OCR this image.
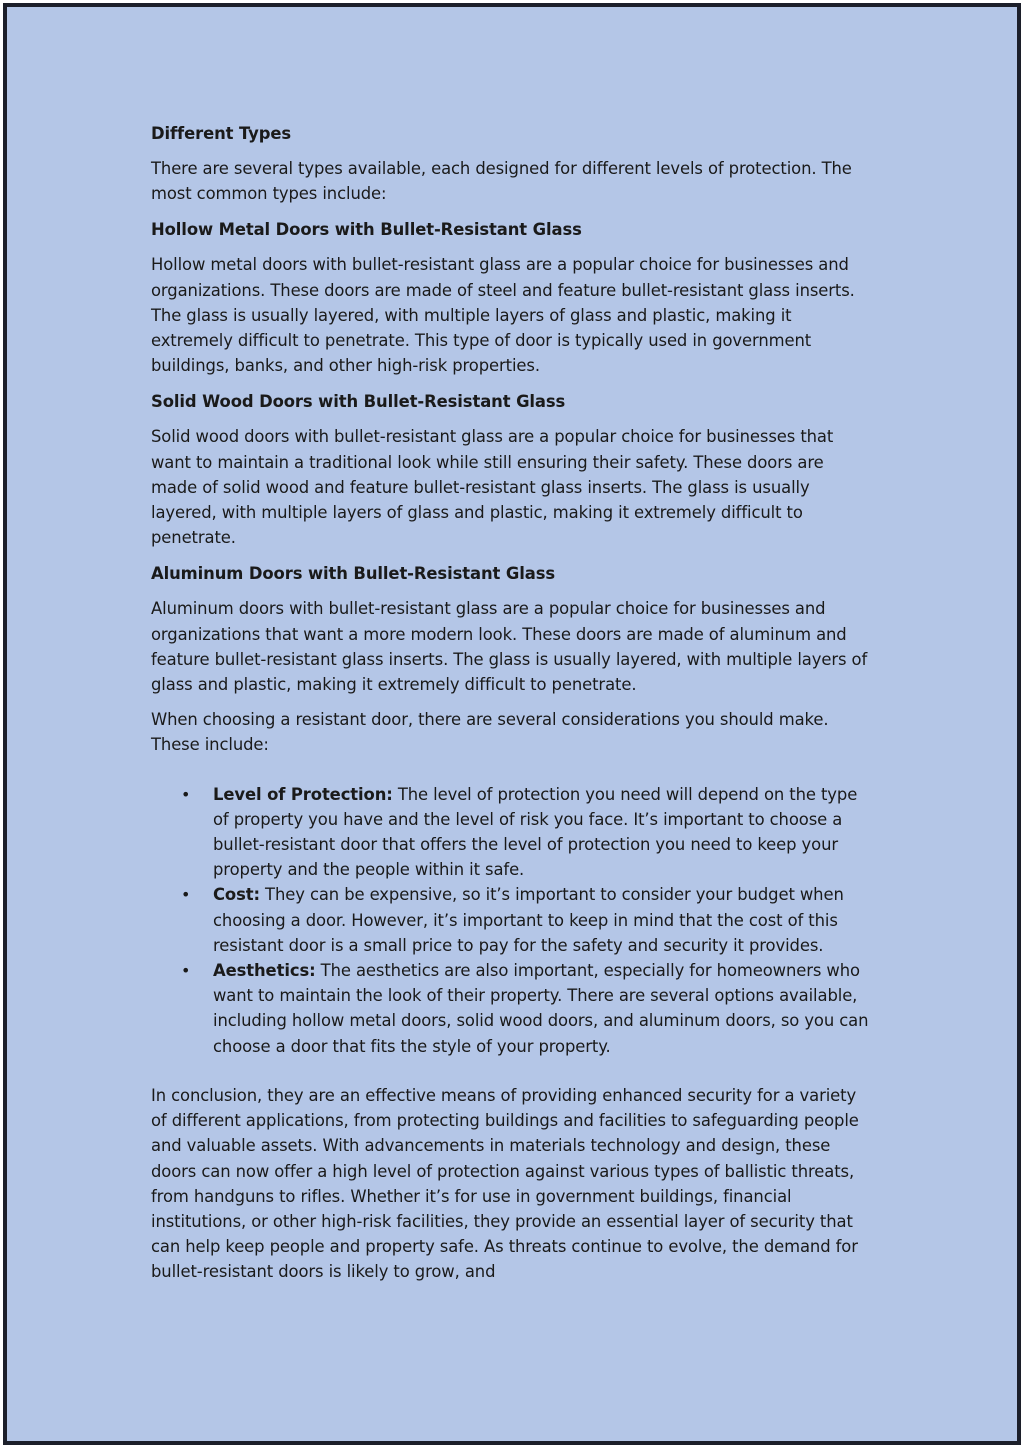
Different Types

There are several types available, each designed for different levels of protection. The most common types include:

Hollow Metal Doors with Bullet-Resistant Glass

Hollow metal doors with bullet-resistant glass are a popular choice for businesses and organizations. These doors are made of steel and feature bullet-resistant glass inserts. The glass is usually layered, with multiple layers of glass and plastic, making it extremely difficult to penetrate. This type of door is typically used in government buildings, banks, and other high-risk properties.

Solid Wood Doors with Bullet-Resistant Glass

Solid wood doors with bullet-resistant glass are a popular choice for businesses that want to maintain a traditional look while still ensuring their safety. These doors are made of solid wood and feature bullet-resistant glass inserts. The glass is usually layered, with multiple layers of glass and plastic, making it extremely difficult to penetrate.

Aluminum Doors with Bullet-Resistant Glass

Aluminum doors with bullet-resistant glass are a popular choice for businesses and organizations that want a more modern look. These doors are made of aluminum and feature bullet-resistant glass inserts. The glass is usually layered, with multiple layers of glass and plastic, making it extremely difficult to penetrate.

When choosing a resistant door, there are several considerations you should make. These include:

• Level of Protection: The level of protection you need will depend on the type of property you have and the level of risk you face. It’s important to choose a bullet-resistant door that offers the level of protection you need to keep your property and the people within it safe.
• Cost: They can be expensive, so it’s important to consider your budget when choosing a door. However, it’s important to keep in mind that the cost of this resistant door is a small price to pay for the safety and security it provides.
• Aesthetics: The aesthetics are also important, especially for homeowners who want to maintain the look of their property. There are several options available, including hollow metal doors, solid wood doors, and aluminum doors, so you can choose a door that fits the style of your property.

In conclusion, they are an effective means of providing enhanced security for a variety of different applications, from protecting buildings and facilities to safeguarding people and valuable assets. With advancements in materials technology and design, these doors can now offer a high level of protection against various types of ballistic threats, from handguns to rifles. Whether it’s for use in government buildings, financial institutions, or other high-risk facilities, they provide an essential layer of security that can help keep people and property safe. As threats continue to evolve, the demand for bullet-resistant doors is likely to grow, and
